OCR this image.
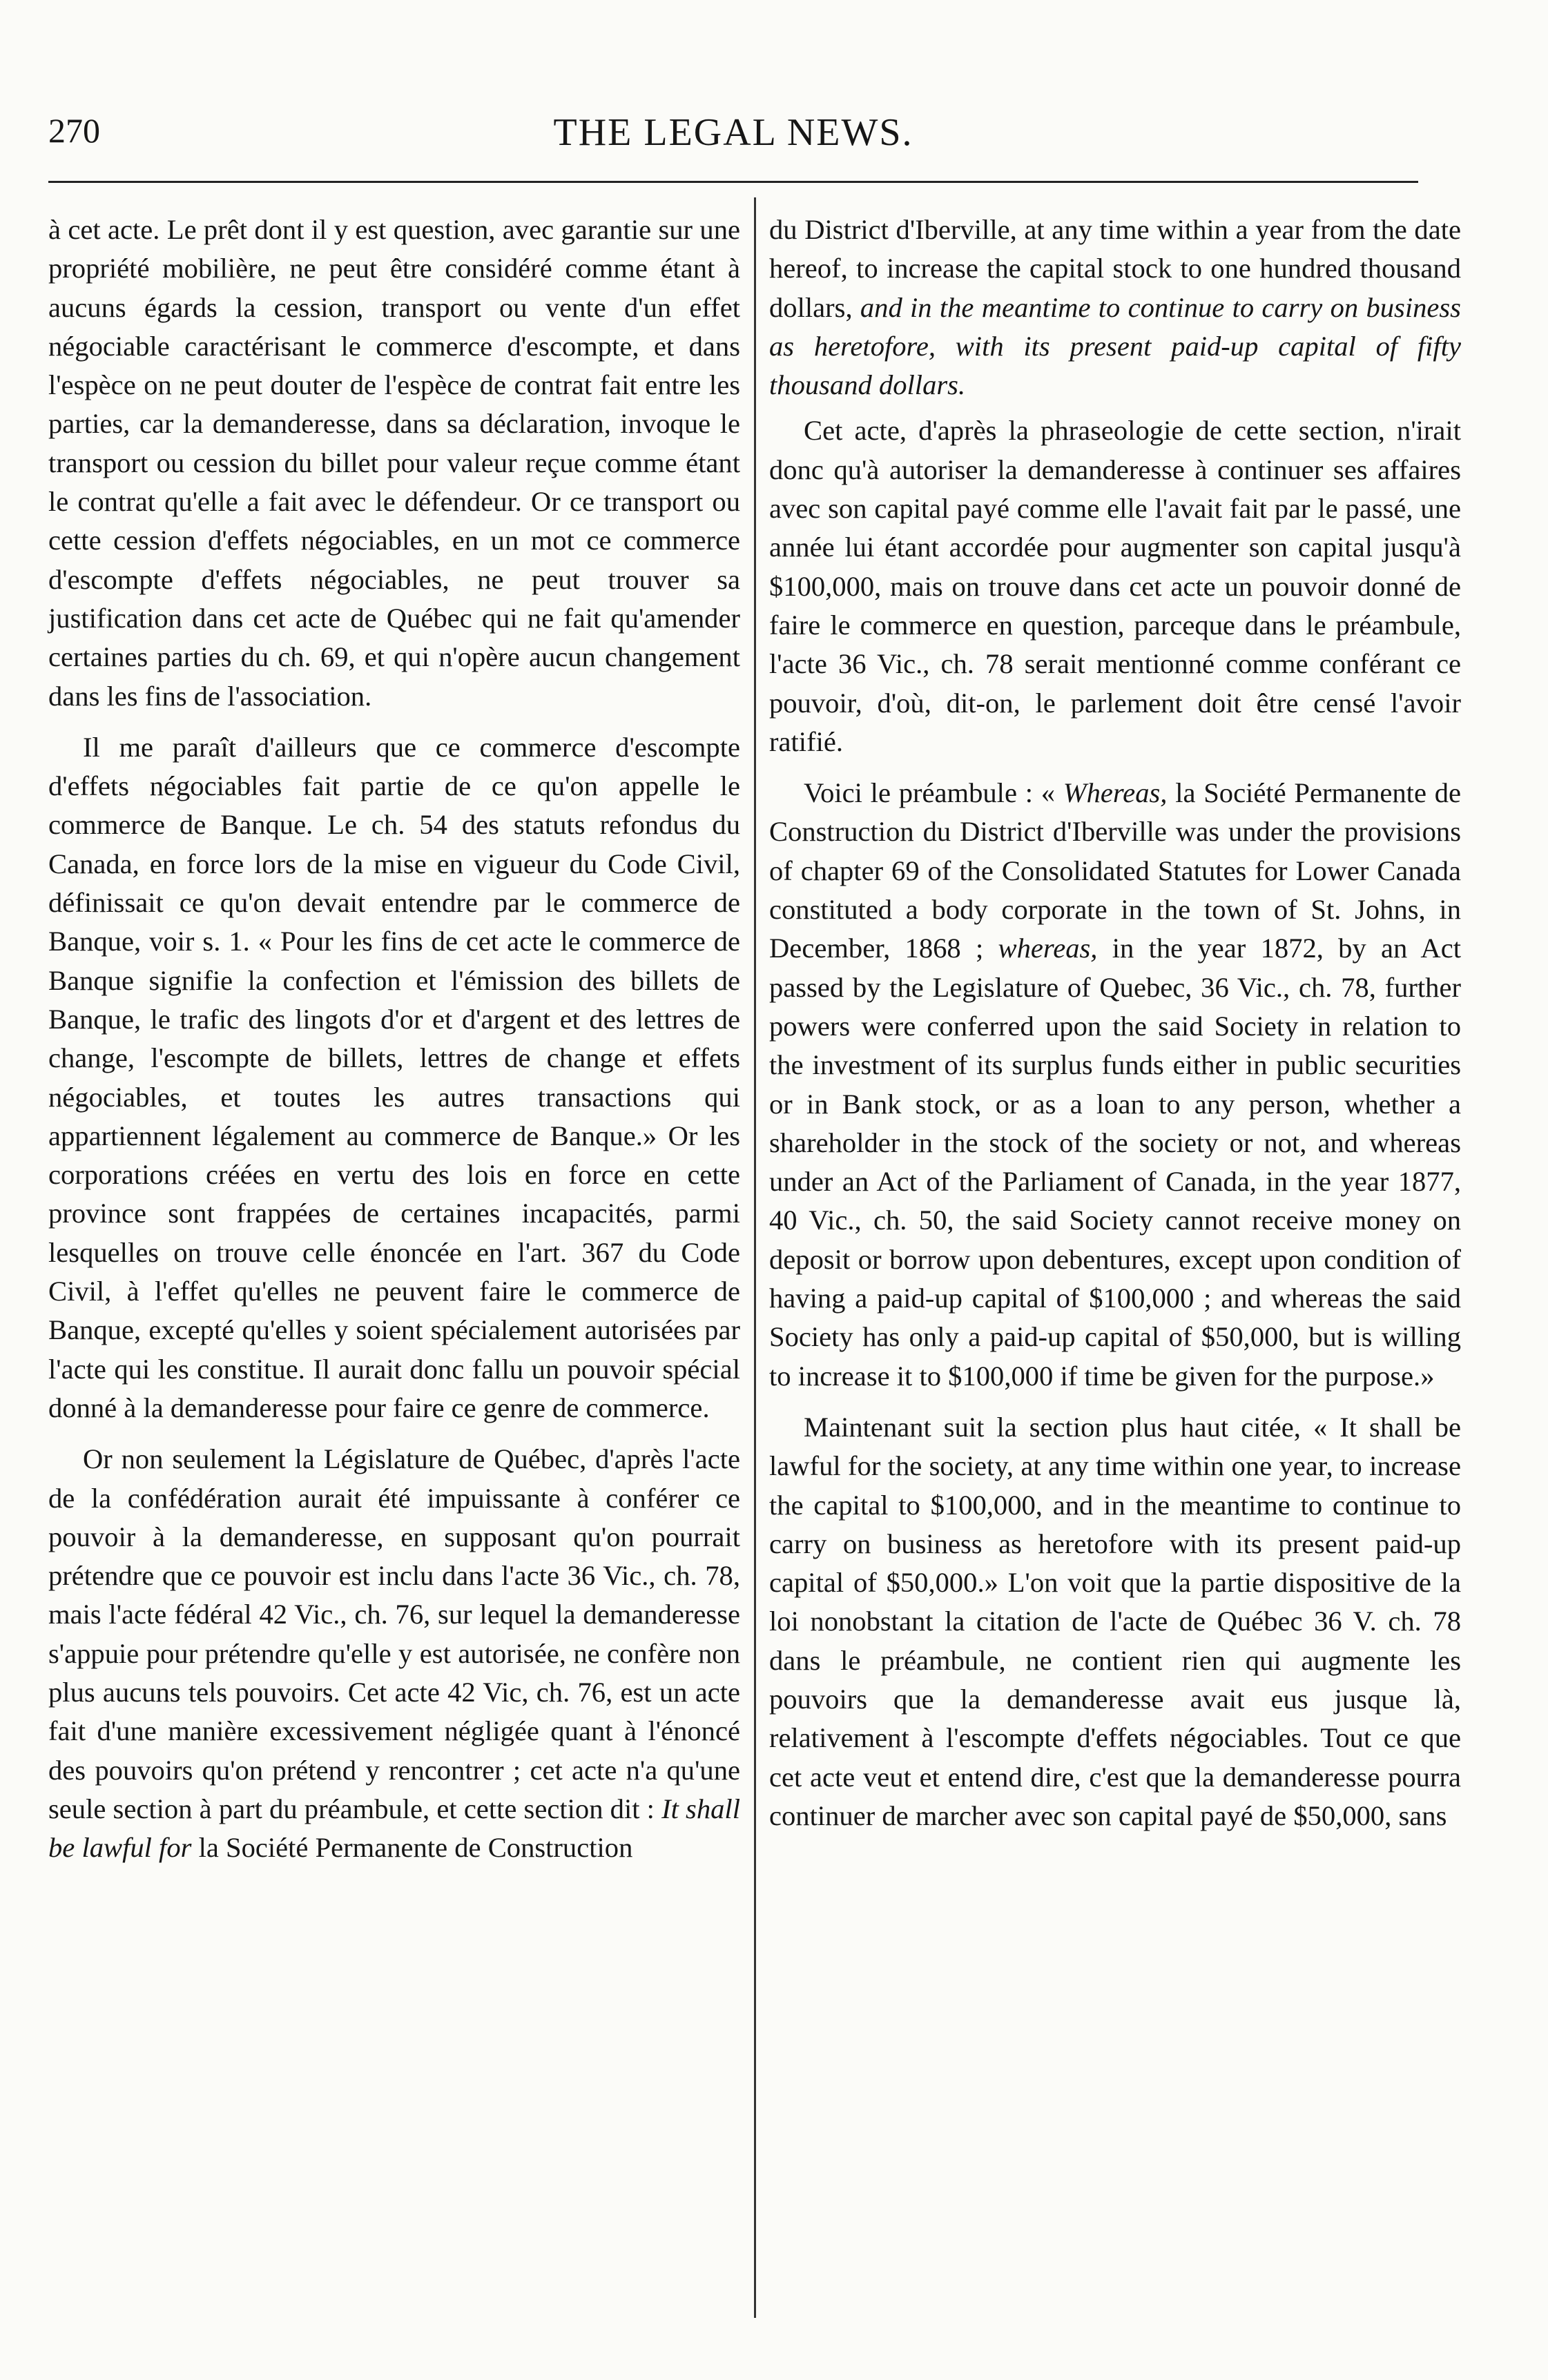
270	THE LEGAL NEWS.

à cet acte. Le prêt dont il y est question, avec garantie sur une propriété mobilière, ne peut être considéré comme étant à aucuns égards la cession, transport ou vente d'un effet négociable caractérisant le commerce d'escompte, et dans l'espèce on ne peut douter de l'espèce de contrat fait entre les parties, car la demanderesse, dans sa déclaration, invoque le transport ou cession du billet pour valeur reçue comme étant le contrat qu'elle a fait avec le défendeur. Or ce transport ou cette cession d'effets négociables, en un mot ce commerce d'escompte d'effets négociables, ne peut trouver sa justification dans cet acte de Québec qui ne fait qu'amender certaines parties du ch. 69, et qui n'opère aucun changement dans les fins de l'association.

Il me paraît d'ailleurs que ce commerce d'escompte d'effets négociables fait partie de ce qu'on appelle le commerce de Banque. Le ch. 54 des statuts refondus du Canada, en force lors de la mise en vigueur du Code Civil, définissait ce qu'on devait entendre par le commerce de Banque, voir s. 1. « Pour les fins de cet acte le commerce de Banque signifie la confection et l'émission des billets de Banque, le trafic des lingots d'or et d'argent et des lettres de change, l'escompte de billets, lettres de change et effets négociables, et toutes les autres transactions qui appartiennent légalement au commerce de Banque.» Or les corporations créées en vertu des lois en force en cette province sont frappées de certaines incapacités, parmi lesquelles on trouve celle énoncée en l'art. 367 du Code Civil, à l'effet qu'elles ne peuvent faire le commerce de Banque, excepté qu'elles y soient spécialement autorisées par l'acte qui les constitue. Il aurait donc fallu un pouvoir spécial donné à la demanderesse pour faire ce genre de commerce.

Or non seulement la Législature de Québec, d'après l'acte de la confédération aurait été impuissante à conférer ce pouvoir à la demanderesse, en supposant qu'on pourrait prétendre que ce pouvoir est inclu dans l'acte 36 Vic., ch. 78, mais l'acte fédéral 42 Vic., ch. 76, sur lequel la demanderesse s'appuie pour prétendre qu'elle y est autorisée, ne confère non plus aucuns tels pouvoirs. Cet acte 42 Vic, ch. 76, est un acte fait d'une manière excessivement négligée quant à l'énoncé des pouvoirs qu'on prétend y rencontrer ; cet acte n'a qu'une seule section à part du préambule, et cette section dit : It shall be lawful for la Société Permanente de Construction

du District d'Iberville, at any time within a year from the date hereof, to increase the capital stock to one hundred thousand dollars, and in the meantime to continue to carry on business as heretofore, with its present paid-up capital of fifty thousand dollars.

Cet acte, d'après la phraseologie de cette section, n'irait donc qu'à autoriser la demanderesse à continuer ses affaires avec son capital payé comme elle l'avait fait par le passé, une année lui étant accordée pour augmenter son capital jusqu'à $100,000, mais on trouve dans cet acte un pouvoir donné de faire le commerce en question, parceque dans le préambule, l'acte 36 Vic., ch. 78 serait mentionné comme conférant ce pouvoir, d'où, dit-on, le parlement doit être censé l'avoir ratifié.

Voici le préambule : « Whereas, la Société Permanente de Construction du District d'Iberville was under the provisions of chapter 69 of the Consolidated Statutes for Lower Canada constituted a body corporate in the town of St. Johns, in December, 1868 ; whereas, in the year 1872, by an Act passed by the Legislature of Quebec, 36 Vic., ch. 78, further powers were conferred upon the said Society in relation to the investment of its surplus funds either in public securities or in Bank stock, or as a loan to any person, whether a shareholder in the stock of the society or not, and whereas under an Act of the Parliament of Canada, in the year 1877, 40 Vic., ch. 50, the said Society cannot receive money on deposit or borrow upon debentures, except upon condition of having a paid-up capital of $100,000 ; and whereas the said Society has only a paid-up capital of $50,000, but is willing to increase it to $100,000 if time be given for the purpose.»

Maintenant suit la section plus haut citée, « It shall be lawful for the society, at any time within one year, to increase the capital to $100,000, and in the meantime to continue to carry on business as heretofore with its present paid-up capital of $50,000.» L'on voit que la partie dispositive de la loi nonobstant la citation de l'acte de Québec 36 V. ch. 78 dans le préambule, ne contient rien qui augmente les pouvoirs que la demanderesse avait eus jusque là, relativement à l'escompte d'effets négociables. Tout ce que cet acte veut et entend dire, c'est que la demanderesse pourra continuer de marcher avec son capital payé de $50,000, sans
